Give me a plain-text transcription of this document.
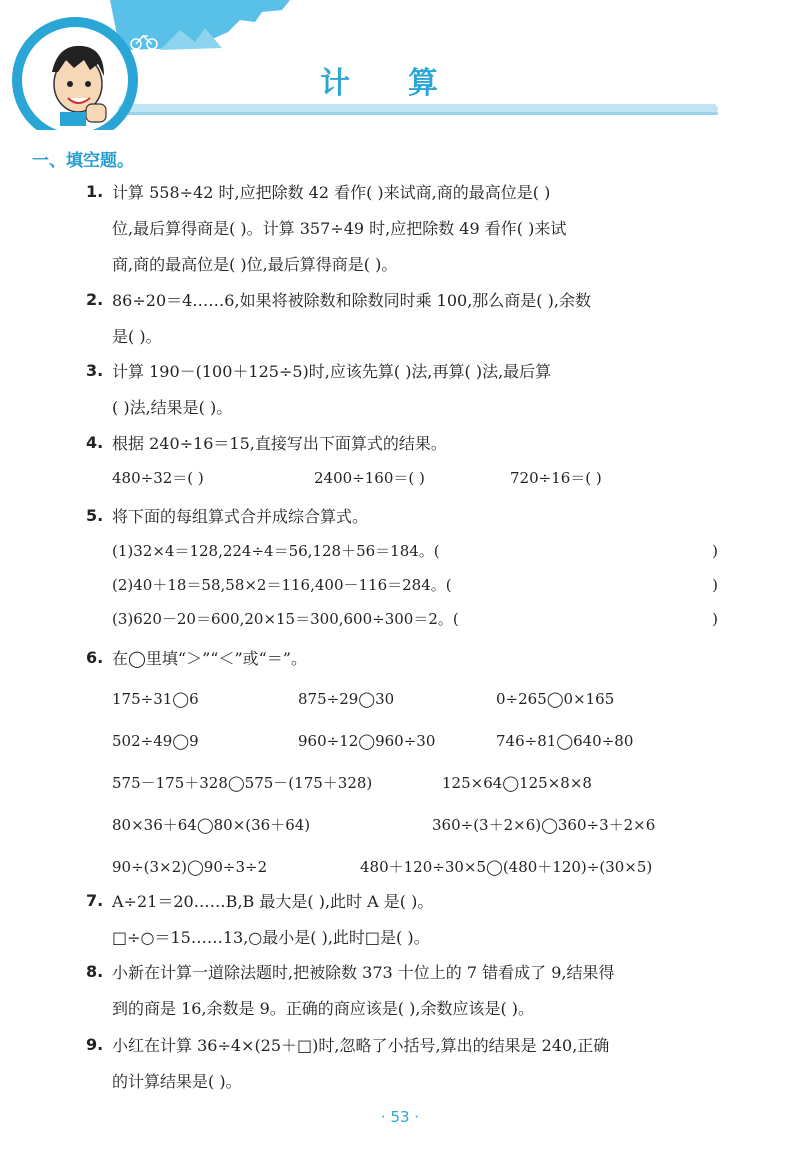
计算
一、填空题。
1. 计算 558÷42 时,应把除数 42 看作( )来试商,商的最高位是( )
位,最后算得商是( )。计算 357÷49 时,应把除数 49 看作( )来试
商,商的最高位是( )位,最后算得商是( )。
2. 86÷20＝4……6,如果将被除数和除数同时乘 100,那么商是( ),余数
是( )。
3. 计算 190－(100＋125÷5)时,应该先算( )法,再算( )法,最后算
( )法,结果是( )。
4. 根据 240÷16＝15,直接写出下面算式的结果。
480÷32＝( )	2400÷160＝( )	720÷16＝( )
5. 将下面的每组算式合并成综合算式。
(1)32×4＝128,224÷4＝56,128＋56＝184。(	)
(2)40＋18＝58,58×2＝116,400－116＝284。(	)
(3)620－20＝600,20×15＝300,600÷300＝2。(	)
6. 在◯里填“＞”“＜”或“＝”。
175÷31◯6	875÷29◯30	0÷265◯0×165
502÷49◯9	960÷12◯960÷30	746÷81◯640÷80
575－175＋328◯575－(175＋328)	125×64◯125×8×8
80×36＋64◯80×(36＋64)	360÷(3＋2×6)◯360÷3＋2×6
90÷(3×2)◯90÷3÷2	480＋120÷30×5◯(480＋120)÷(30×5)
7. A÷21＝20……B,B 最大是( ),此时 A 是( )。
□÷○＝15……13,○最小是( ),此时□是( )。
8. 小新在计算一道除法题时,把被除数 373 十位上的 7 错看成了 9,结果得
到的商是 16,余数是 9。正确的商应该是( ),余数应该是( )。
9. 小红在计算 36÷4×(25＋□)时,忽略了小括号,算出的结果是 240,正确
的计算结果是( )。
· 53 ·
